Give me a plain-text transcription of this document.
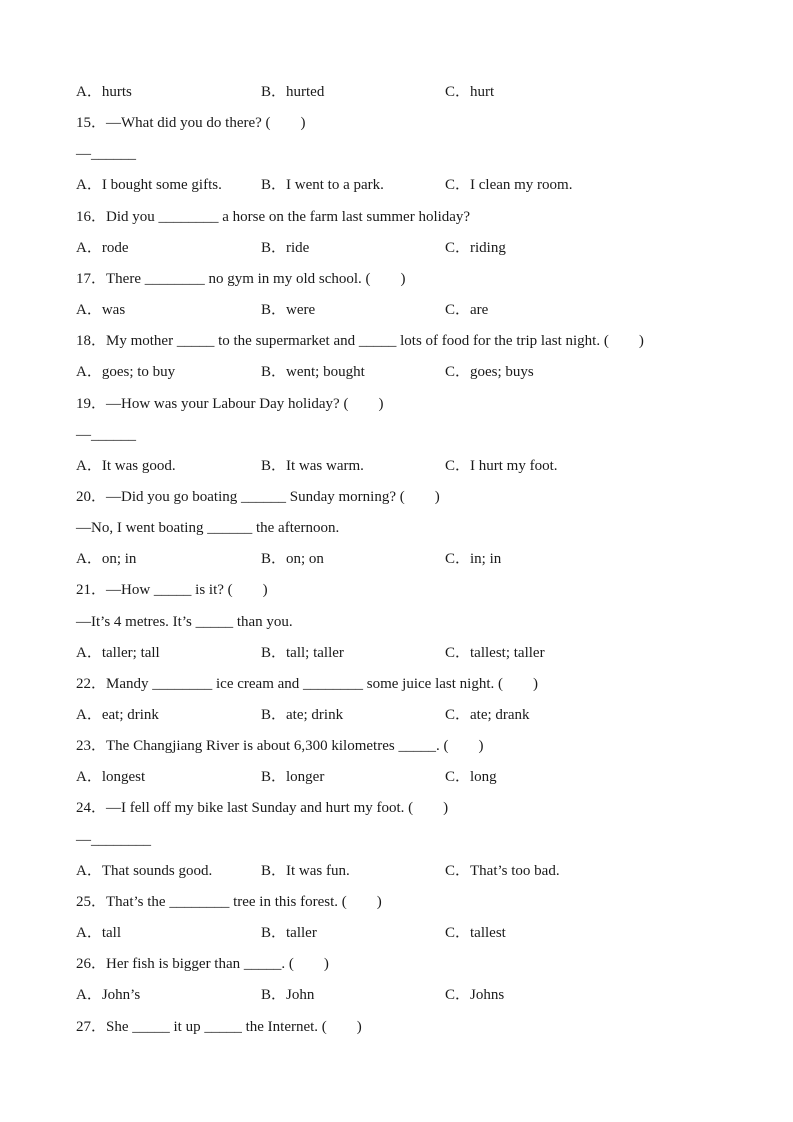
A．hurts	B．hurted	C．hurt
15．—What did you do there? (        )
—______
A．I bought some gifts.	B．I went to a park.	C．I clean my room.
16．Did you ________ a horse on the farm last summer holiday?
A．rode	B．ride	C．riding
17．There ________ no gym in my old school. (        )
A．was	B．were	C．are
18．My mother _____ to the supermarket and _____ lots of food for the trip last night. (        )
A．goes; to buy	B．went; bought	C．goes; buys
19．—How was your Labour Day holiday? (        )
—______
A．It was good.	B．It was warm.	C．I hurt my foot.
20．—Did you go boating ______ Sunday morning? (        )
—No, I went boating ______ the afternoon.
A．on; in	B．on; on	C．in; in
21．—How _____ is it? (        )
—It’s 4 metres. It’s _____ than you.
A．taller; tall	B．tall; taller	C．tallest; taller
22．Mandy ________ ice cream and ________ some juice last night. (        )
A．eat; drink	B．ate; drink	C．ate; drank
23．The Changjiang River is about 6,300 kilometres _____. (        )
A．longest	B．longer	C．long
24．—I fell off my bike last Sunday and hurt my foot. (        )
—________
A．That sounds good.	B．It was fun.	C．That’s too bad.
25．That’s the ________ tree in this forest. (        )
A．tall	B．taller	C．tallest
26．Her fish is bigger than _____. (        )
A．John’s	B．John	C．Johns
27．She _____ it up _____ the Internet. (        )
